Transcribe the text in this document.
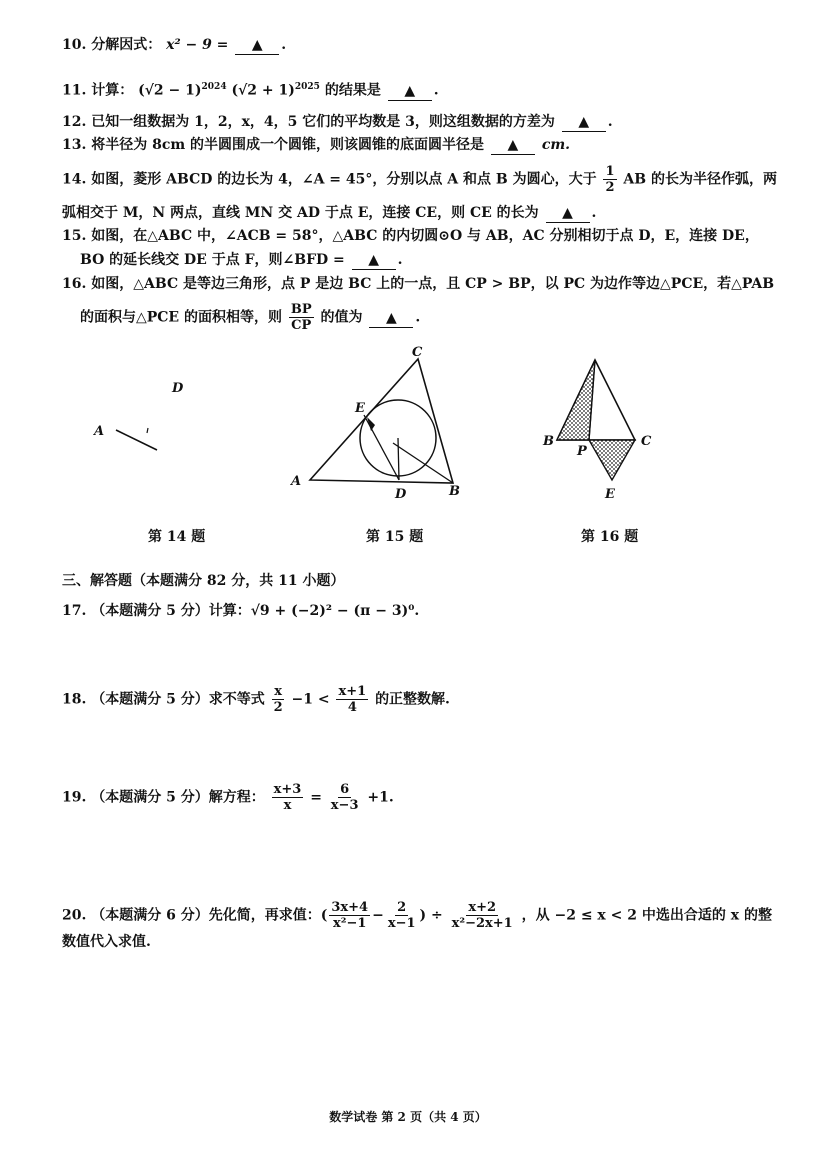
10. 分解因式： x² − 9 = ▲ .
11. 计算： $(√2 - 1)^{2024}$ $(√2 + 1)^{2025}$ 的结果是 ▲ .
12. 已知一组数据为 1，2，x，4，5 它们的平均数是 3，则这组数据的方差为 ▲ .
13. 将半径为 8cm 的半圆围成一个圆锥，则该圆锥的底面圆半径是 ▲ cm.
14. 如图，菱形 ABCD 的边长为 4，∠A = 45°，分别以点 A 和点 B 为圆心，大于 $\frac{1}{2}$ AB 的长为半径作弧，两
弧相交于 M，N 两点，直线 MN 交 AD 于点 E，连接 CE，则 CE 的长为 ▲ .
15. 如图，在△ABC 中，∠ACB = 58°，△ABC 的内切圆⊙O 与 AB，AC 分别相切于点 D，E，连接 DE，
BO 的延长线交 DE 于点 F，则∠BFD = ▲ .
16. 如图，△ABC 是等边三角形，点 P 是边 BC 上的一点，且 CP > BP，以 PC 为边作等边△PCE，若△PAB
的面积与△PCE 的面积相等，则 $\frac{BP}{CP}$ 的值为 ▲ .
D
A
C
E
A
D	B
B
P
C
E
第 14 题	第 15 题	第 16 题
三、解答题（本题满分 82 分，共 11 小题）
17. （本题满分 5 分）计算：√9 + (−2)² − (π − 3)⁰.
18. （本题满分 5 分）求不等式 $\frac{x}{2} -1 < \frac{x+1}{4}$ 的正整数解.
19. （本题满分 5 分）解方程： $\frac{x+3}{x} = \frac{6}{x-3} +1$.
20. （本题满分 6 分）先化简，再求值：( $\frac{3x+4}{\text{x²−1}} - \frac{2}{x-1}$ ) ÷ $\frac{x+2}{\text{x²−2x+1}}$ ，从 −2 ≤ x < 2 中选出合适的 x 的整
数值代入求值.
数学试卷 第 2 页（共 4 页）
